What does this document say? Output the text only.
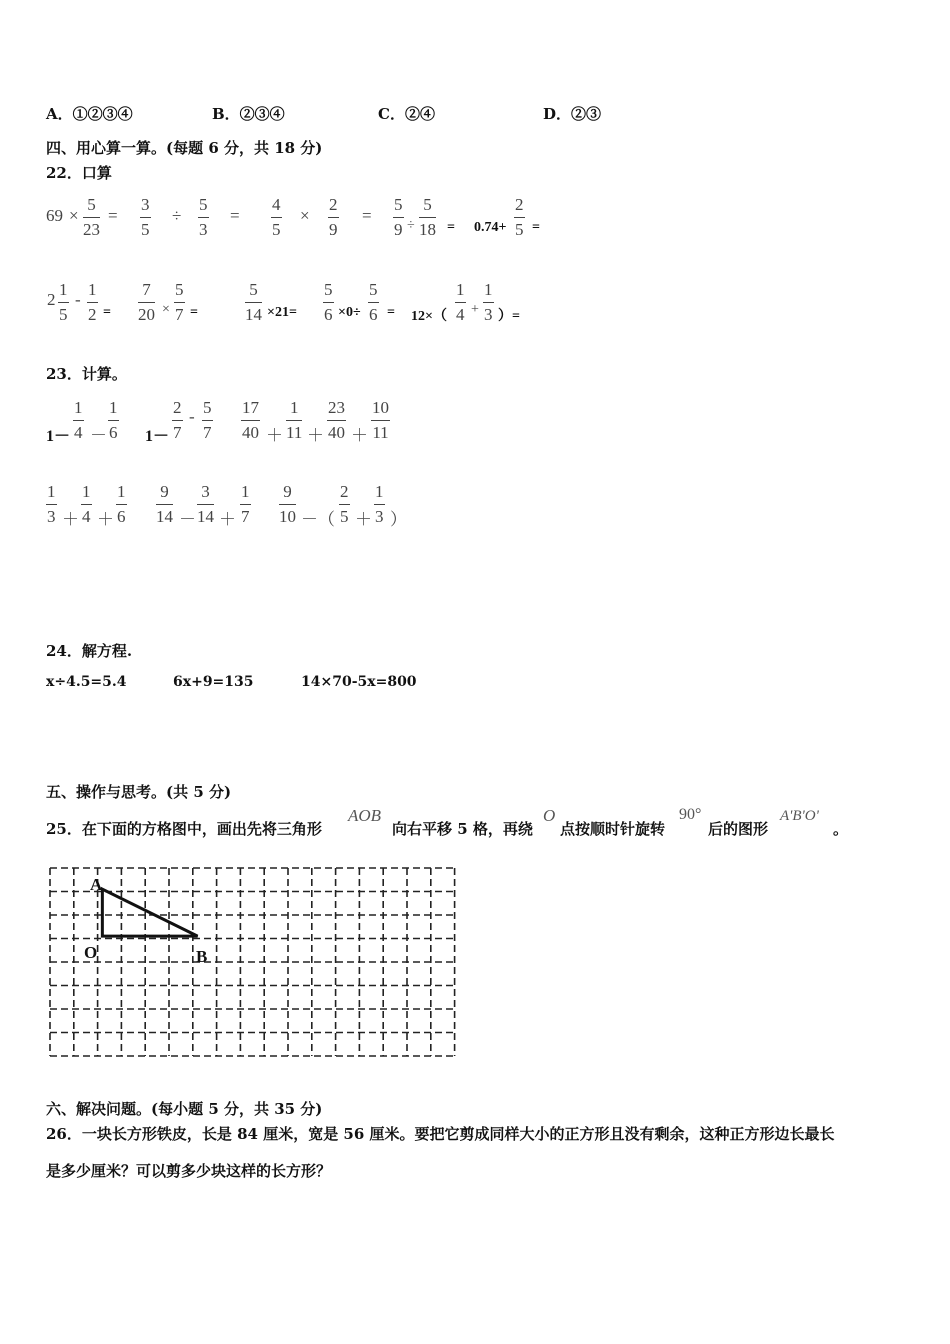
A．①②③④	B．②③④	C．②④	D．②③
四、用心算一算。(每题 6 分，共 18 分)
22．口算
69 ×
5
23
=
3
5
÷
5
3
=
4
5
×
2
9
=
5
9 ÷
5
18 = 0.74+
2
5 =
2
1
5
-
1
2 =
7
20 ×
5
7 =
5
14 ×21=
5
6 ×0÷
5
6 = 12×（
1
4 +
1
3 ）=
23．计算。
1－
1
4 －
1
6 1－
2
7
- 5
7
17
40 ＋
1
11 ＋
23
40 ＋
10
11
1
3 ＋
1
4 ＋
1
6
9
14 －
3
14 ＋
1
7
9
10 －（
2
5 ＋
1
3 ）
24．解方程.
x÷4.5=5.4	6x+9=135	14×70-5x=800
五、操作与思考。(共 5 分)
25．在下面的方格图中，画出先将三角形
AOB
向右平移 5 格，再绕
O
点按顺时针旋转
90°
后的图形
A'B'O'
。
A
O	B
六、解决问题。(每小题 5 分，共 35 分)
26．一块长方形铁皮，长是 84 厘米，宽是 56 厘米。要把它剪成同样大小的正方形且没有剩余，这种正方形边长最长
是多少厘米？可以剪多少块这样的长方形？
